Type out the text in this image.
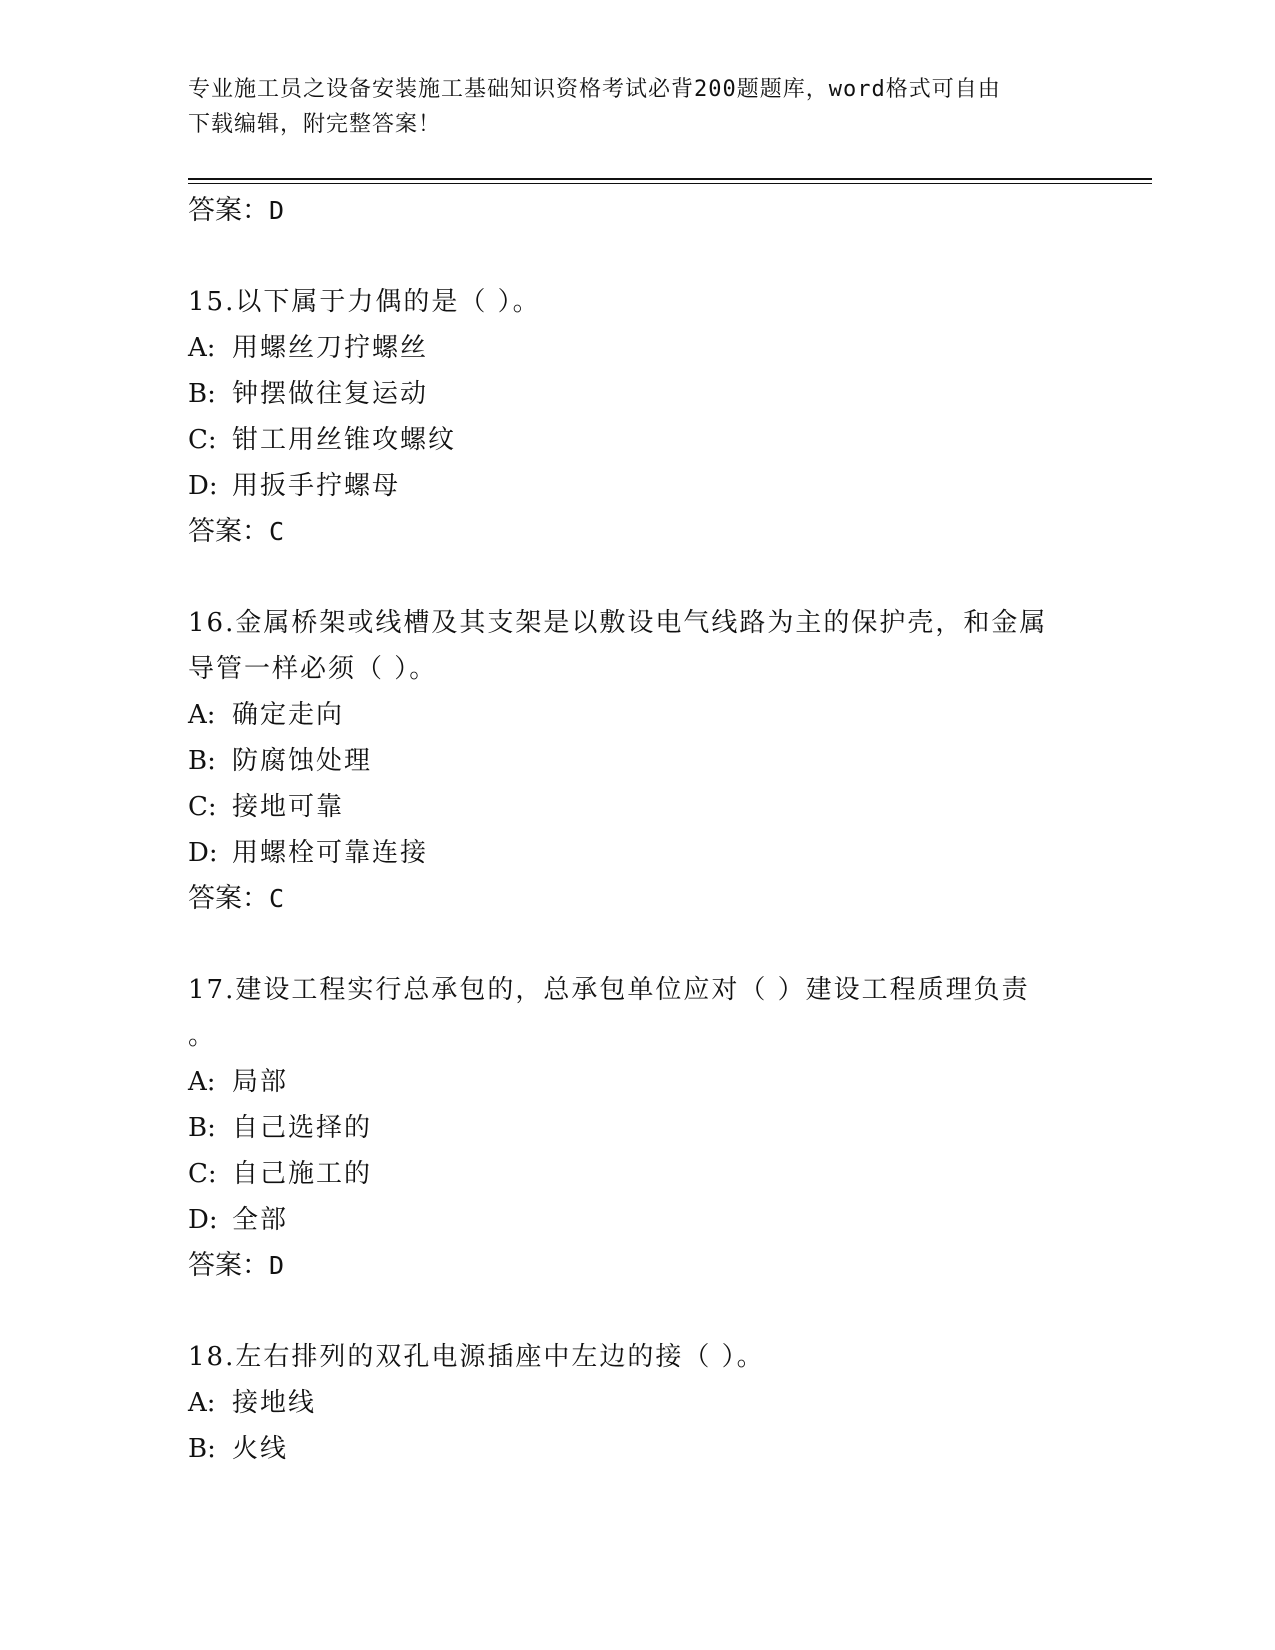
专业施工员之设备安装施工基础知识资格考试必背200题题库，word格式可自由
下载编辑，附完整答案！
答案：D
15.以下属于力偶的是（ ）。
A: 用螺丝刀拧螺丝
B: 钟摆做往复运动
C: 钳工用丝锥攻螺纹
D: 用扳手拧螺母
答案：C
16.金属桥架或线槽及其支架是以敷设电气线路为主的保护壳，和金属
导管一样必须（ ）。
A: 确定走向
B: 防腐蚀处理
C: 接地可靠
D: 用螺栓可靠连接
答案：C
17.建设工程实行总承包的，总承包单位应对（ ）建设工程质理负责
。
A: 局部
B: 自己选择的
C: 自己施工的
D: 全部
答案：D
18.左右排列的双孔电源插座中左边的接（ ）。
A: 接地线
B: 火线
